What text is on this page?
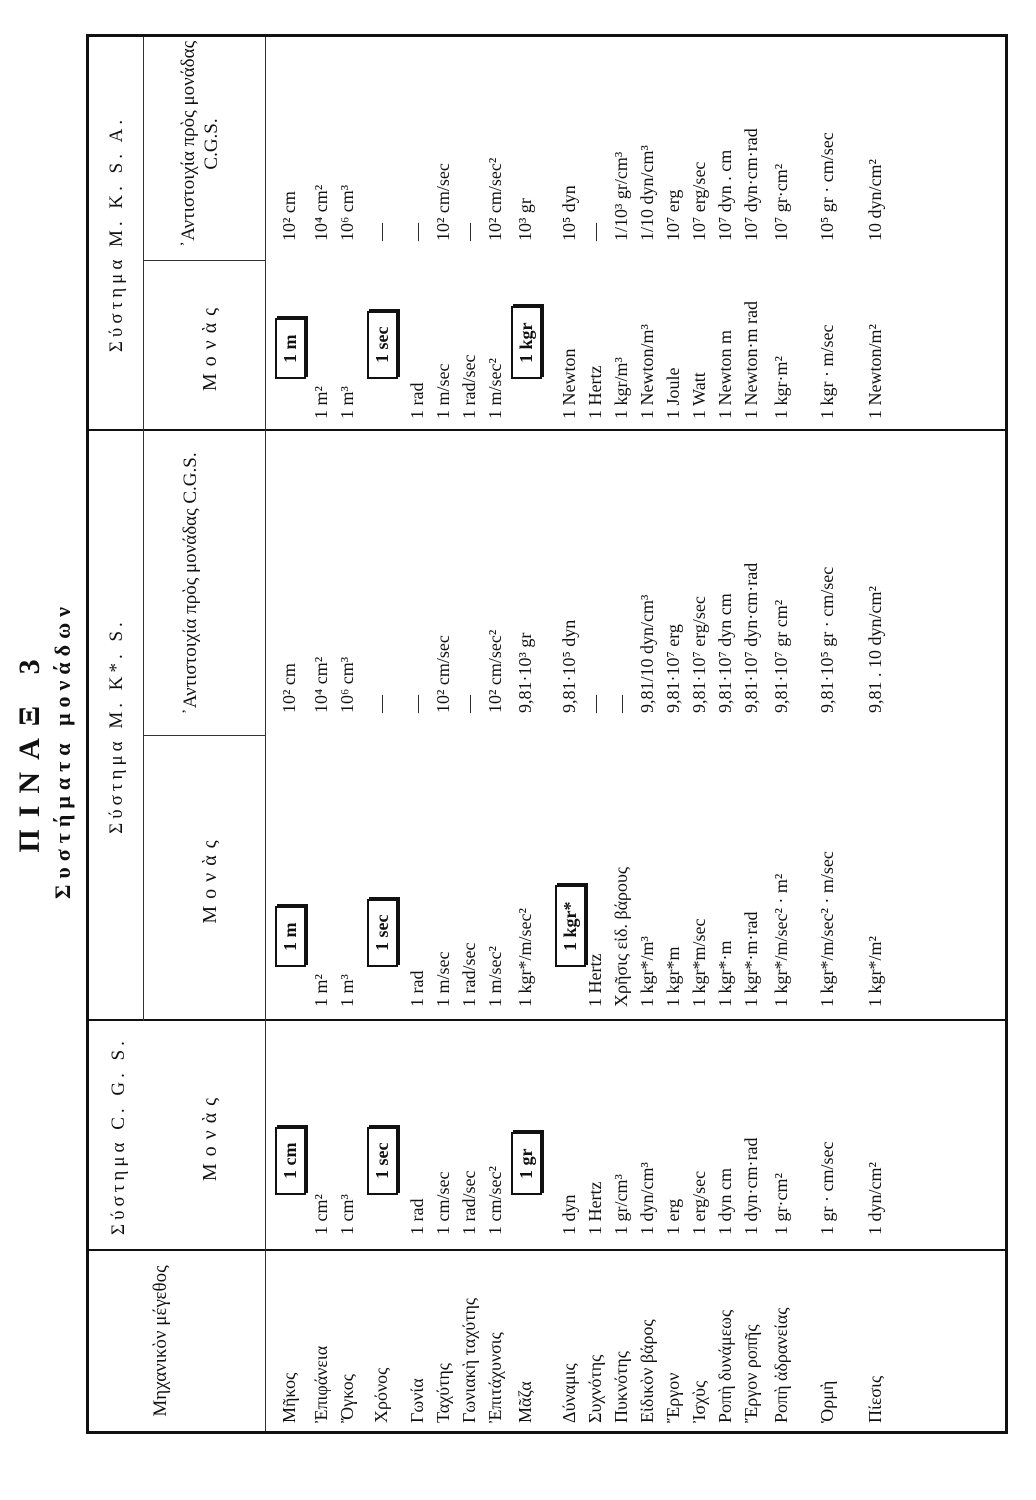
ΠΙΝΑΞ 3 Συστήματα μονάδων
Μηχανικὸν μέγεθος
Σύστημα C. G. S.	Μονὰς
Σύστημα M. K*. S.
Μονὰς
᾿Αντιστοιχία πρὸς μονάδας C.G.S.
Σύστημα M. K. S. A.	Μονὰς
᾿Αντιστοιχία πρὸς μονάδας C.G.S.
Μῆκος
1 cm
1 m
10² cm
1 m
10² cm
Ἐπιφάνεια
1 cm²
1 m²
10⁴ cm²
1 m²
10⁴ cm²
Ὄγκος
1 cm³
1 m³
10⁶ cm³
1 m³
10⁶ cm³
Χρόνος
1 sec
1 sec
—
1 sec
—
Γωνία
1 rad
1 rad
—
1 rad
—
Ταχύτης
1 cm/sec
1 m/sec
10² cm/sec
1 m/sec
10² cm/sec
Γωνιακὴ ταχύτης
1 rad/sec
1 rad/sec
—
1 rad/sec
—
Ἐπιτάχυνσις
1 cm/sec²
1 m/sec²
10² cm/sec²
1 m/sec²
10² cm/sec²
Μᾶζα
1 gr
1 kgr*/m/sec²
9,81·10³ gr
1 kgr
10³ gr
Δύναμις
1 dyn
1 kgr*
9,81·10⁵ dyn
1 Newton
10⁵ dyn
Συχνότης
1 Hertz
1 Hertz
—
1 Hertz
—
Πυκνότης
1 gr/cm³
Χρῆσις εἰδ. βάρους
—
1 kgr/m³
1/10³ gr/cm³
Εἰδικὸν βάρος
1 dyn/cm³
1 kgr*/m³
9,81/10 dyn/cm³
1 Newton/m³
1/10 dyn/cm³
Ἔργον
1 erg
1 kgr*m
9,81·10⁷ erg
1 Joule
10⁷ erg
Ἰσχὺς
1 erg/sec
1 kgr*m/sec
9,81·10⁷ erg/sec
1 Watt
10⁷ erg/sec
Ροπὴ δυνάμεως
1 dyn cm
1 kgr*·m
9,81·10⁷ dyn cm
1 Newton m
10⁷ dyn . cm
Ἔργον ροπῆς
1 dyn·cm·rad
1 kgr*·m·rad
9,81·10⁷ dyn·cm·rad
1 Newton·m rad
10⁷ dyn·cm·rad
Ροπὴ ἀδρανείας
1 gr·cm²
1 kgr*/m/sec² · m²
9,81·10⁷ gr cm²
1 kgr·m²
10⁷ gr·cm²
Ὁρμὴ
1 gr · cm/sec
1 kgr*/m/sec² · m/sec
9,81·10⁵ gr · cm/sec
1 kgr · m/sec
10⁵ gr · cm/sec
Πίεσις
1 dyn/cm²
1 kgr*/m²
9,81 . 10 dyn/cm²
1 Newton/m²
10 dyn/cm²
